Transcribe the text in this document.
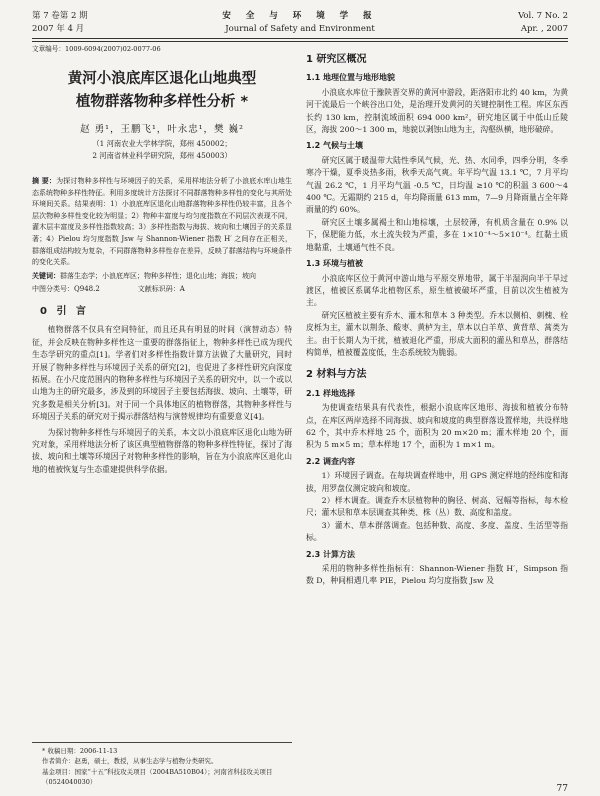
第 7 卷第 2 期
2007 年 4 月
安 全 与 环 境 学 报
Journal of Safety and Environment
Vol. 7 No. 2
Apr. , 2007
文章编号：1009-6094(2007)02-0077-06
黄河小浪底库区退化山地典型
植物群落物种多样性分析 *
赵 勇¹，王鹏飞¹，叶永忠¹，樊 巍²
（1 河南农业大学林学院，郑州 450002；
2 河南省林业科学研究院，郑州 450003）
摘 要：为探讨物种多样性与环境因子的关系，采用样地法分析了小浪底水库山地生态系统物种多样性特征。利用多度统计方法探讨不同群落物种多样性的变化与其所处环境间关系。结果表明：1）小浪底库区退化山地群落物种多样性仍较丰富，且各个层次物种多样性变化较为明显；2）物种丰富度与均匀度指数在不同层次表现不同，灌木层丰富度及多样性指数较高；3）多样性指数与海拔、坡向和土壤因子的关系显著；4）Pielou 均匀度指数 Jsw 与 Shannon-Wiener 指数 H′ 之间存在正相关，群落组成结构较为复杂，不同群落物种多样性存在差异，反映了群落结构与环境条件的变化关系。
关键词：群落生态学；小浪底库区；物种多样性；退化山地；海拔；坡向
中图分类号：Q948.2	文献标识码：A
0 引 言

植物群落不仅具有空间特征，而且还具有明显的时间（演替动态）特征，并会反映在物种多样性这一重要的群落指征上，物种多样性已成为现代生态学研究的重点[1]。学者们对多样性指数计算方法做了大量研究，同时开展了物种多样性与环境因子关系的研究[2]，也促进了多样性研究向深度拓展。在小尺度范围内的物种多样性与环境因子关系的研究中，以一个或以山地为主的研究最多，涉及到的环境因子主要包括海拔、坡向、土壤等，研究多数是相关分析[3]。对于同一个具体地区的植物群落，其物种多样性与环境因子关系的研究对于揭示群落结构与演替规律均有重要意义[4]。

为探讨物种多样性与环境因子的关系，本文以小浪底库区退化山地为研究对象，采用样地法分析了该区典型植物群落的物种多样性特征，探讨了海拔、坡向和土壤等环境因子对物种多样性的影响，旨在为小浪底库区退化山地的植被恢复与生态重建提供科学依据。

* 收稿日期：2006-11-13
作者简介：赵勇，硕士，教授，从事生态学与植物分类研究。
基金项目：国家“十五”科技攻关项目（2004BA510B04）；河南省科技攻关项目（0524040030）
1 研究区概况
1.1 地理位置与地形地貌

小浪底水库位于豫陕晋交界的黄河中游段，距洛阳市北约 40 km，为黄河干流最后一个峡谷出口处，是治理开发黄河的关键控制性工程。库区东西长约 130 km，控制流域面积 694 000 km²，研究地区属于中低山丘陵区，海拔 200～1 300 m，地貌以剥蚀山地为主，沟壑纵横，地形破碎。

1.2 气候与土壤

研究区属于暖温带大陆性季风气候，光、热、水同季，四季分明，冬季寒冷干燥，夏季炎热多雨，秋季天高气爽。年平均气温 13.1 ℃，7 月平均气温 26.2 ℃，1 月平均气温 -0.5 ℃，日均温 ≥10 ℃的积温 3 600～4 400 ℃。无霜期约 215 d，年均降雨量 613 mm，7—9 月降雨量占全年降雨量的约 60%。

研究区土壤多属褐土和山地棕壤，土层较薄，有机质含量在 0.9% 以下，保肥能力低，水土流失较为严重，多在 1×10⁻⁴～5×10⁻⁴。红黏土质地黏重，土壤通气性不良。

1.3 环境与植被

小浪底库区位于黄河中游山地与平原交界地带，属于半湿润向半干旱过渡区，植被区系属华北植物区系，原生植被破坏严重，目前以次生植被为主。

研究区植被主要有乔木、灌木和草本 3 种类型。乔木以侧柏、刺槐、栓皮栎为主，灌木以荆条、酸枣、黄栌为主，草本以白羊草、黄背草、蒿类为主。由于长期人为干扰，植被退化严重，形成大面积的灌丛和草丛，群落结构简单，植被覆盖度低，生态系统较为脆弱。

2 材料与方法
2.1 样地选择

为使调查结果具有代表性，根据小浪底库区地形、海拔和植被分布特点，在库区两岸选择不同海拔、坡向和坡度的典型群落设置样地，共设样地 62 个，其中乔木样地 25 个，面积为 20 m×20 m；灌木样地 20 个，面积为 5 m×5 m；草本样地 17 个，面积为 1 m×1 m。

2.2 调查内容

1）环境因子调查。在每块调查样地中，用 GPS 测定样地的经纬度和海拔，用罗盘仪测定坡向和坡度。

2）样木调查。调查乔木层植物种的胸径、树高、冠幅等指标，每木检尺；灌木层和草本层调查其种类、株（丛）数、高度和盖度。

3）灌木、草本群落调查。包括种数、高度、多度、盖度、生活型等指标。

2.3 计算方法

采用的物种多样性指标有：Shannon-Wiener 指数 H′，Simpson 指数 D，种间相遇几率 PIE，Pielou 均匀度指数 Jsw 及

77
